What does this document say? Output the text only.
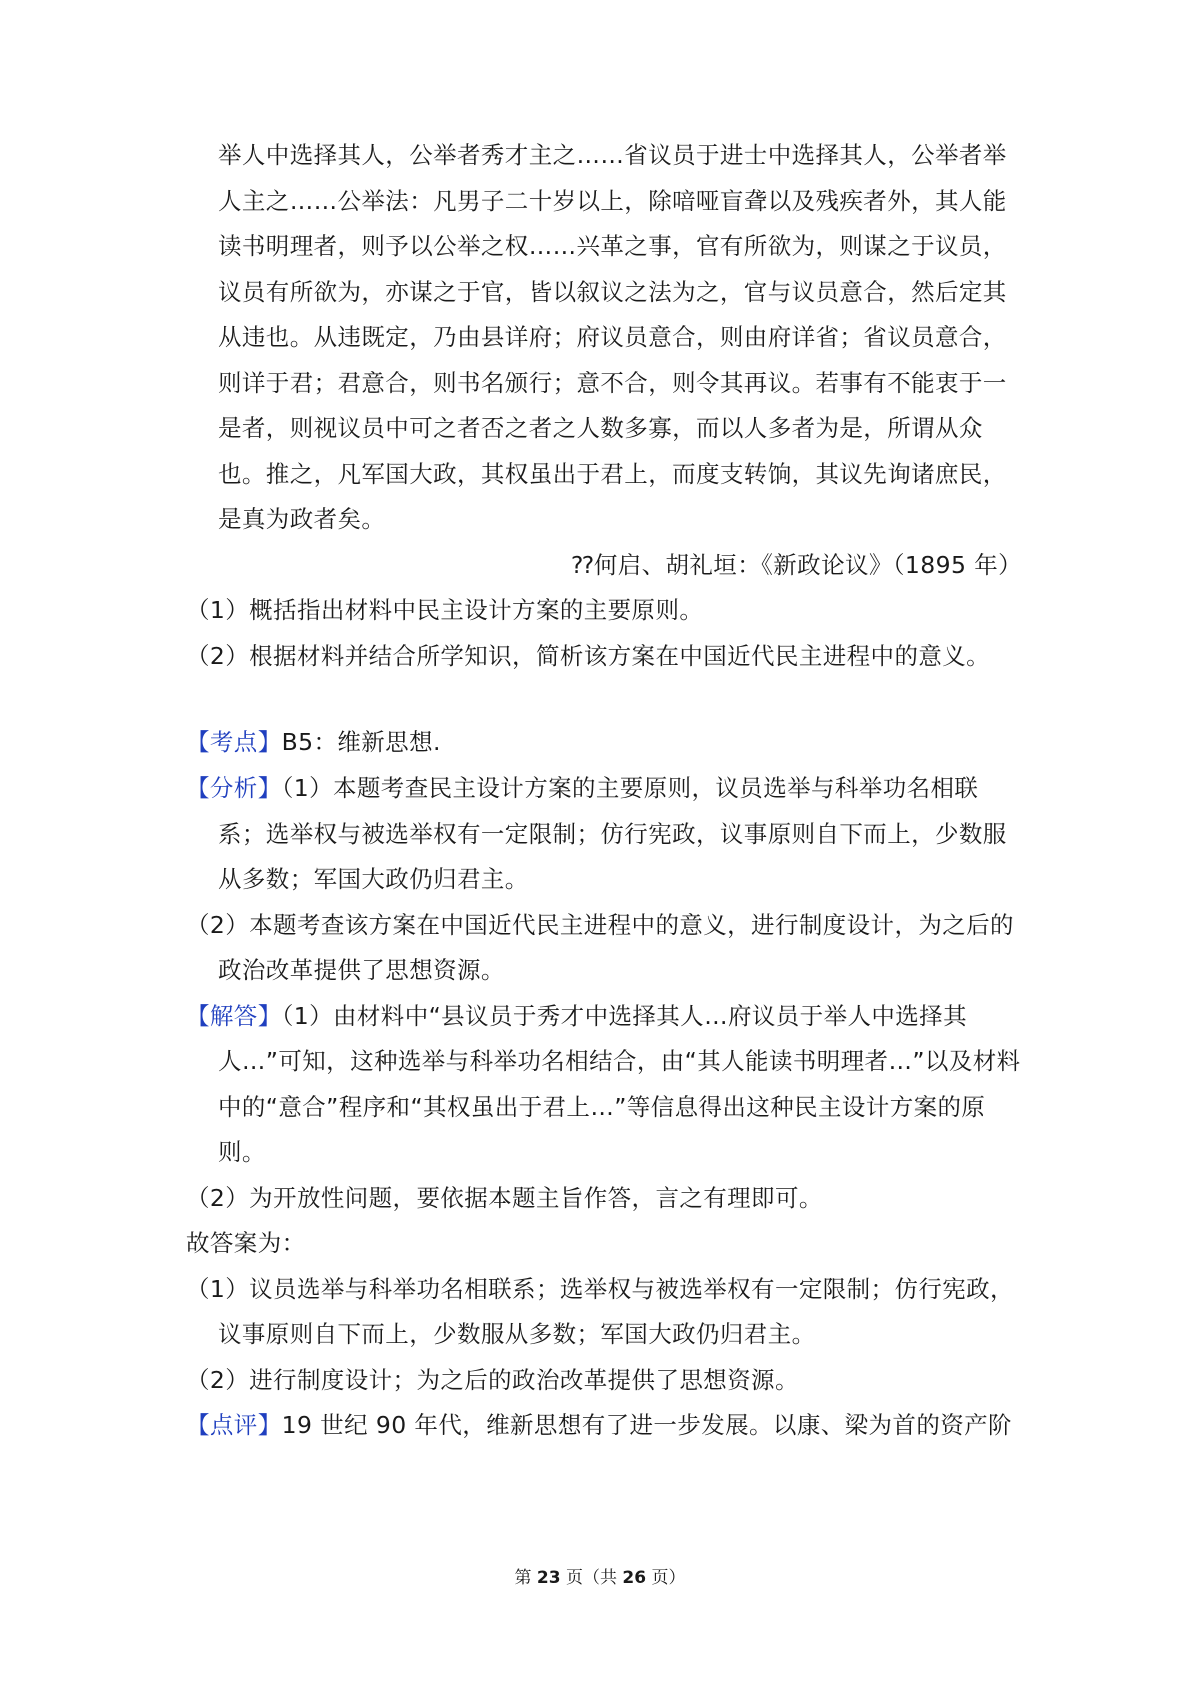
举人中选择其人，公举者秀才主之……省议员于进士中选择其人，公举者举
人主之……公举法：凡男子二十岁以上，除喑哑盲聋以及残疾者外，其人能
读书明理者，则予以公举之权……兴革之事，官有所欲为，则谋之于议员，
议员有所欲为，亦谋之于官，皆以叙议之法为之，官与议员意合，然后定其
从违也。从违既定，乃由县详府；府议员意合，则由府详省；省议员意合，
则详于君；君意合，则书名颁行；意不合，则令其再议。若事有不能衷于一
是者，则视议员中可之者否之者之人数多寡，而以人多者为是，所谓从众
也。推之，凡军国大政，其权虽出于君上，而度支转饷，其议先询诸庶民，
是真为政者矣。
⁇何启、胡礼垣：《新政论议》（1895 年）
（1）概括指出材料中民主设计方案的主要原则。
（2）根据材料并结合所学知识，简析该方案在中国近代民主进程中的意义。
【考点】B5：维新思想.
【分析】（1）本题考查民主设计方案的主要原则，议员选举与科举功名相联
系；选举权与被选举权有一定限制；仿行宪政，议事原则自下而上，少数服
从多数；军国大政仍归君主。
（2）本题考查该方案在中国近代民主进程中的意义，进行制度设计，为之后的
政治改革提供了思想资源。
【解答】（1）由材料中“县议员于秀才中选择其人…府议员于举人中选择其
人…”可知，这种选举与科举功名相结合，由“其人能读书明理者…”以及材料
中的“意合”程序和“其权虽出于君上…”等信息得出这种民主设计方案的原
则。
（2）为开放性问题，要依据本题主旨作答，言之有理即可。
故答案为：
（1）议员选举与科举功名相联系；选举权与被选举权有一定限制；仿行宪政，
议事原则自下而上，少数服从多数；军国大政仍归君主。
（2）进行制度设计；为之后的政治改革提供了思想资源。
【点评】19 世纪 90 年代，维新思想有了进一步发展。以康、梁为首的资产阶
第 23 页（共 26 页）
